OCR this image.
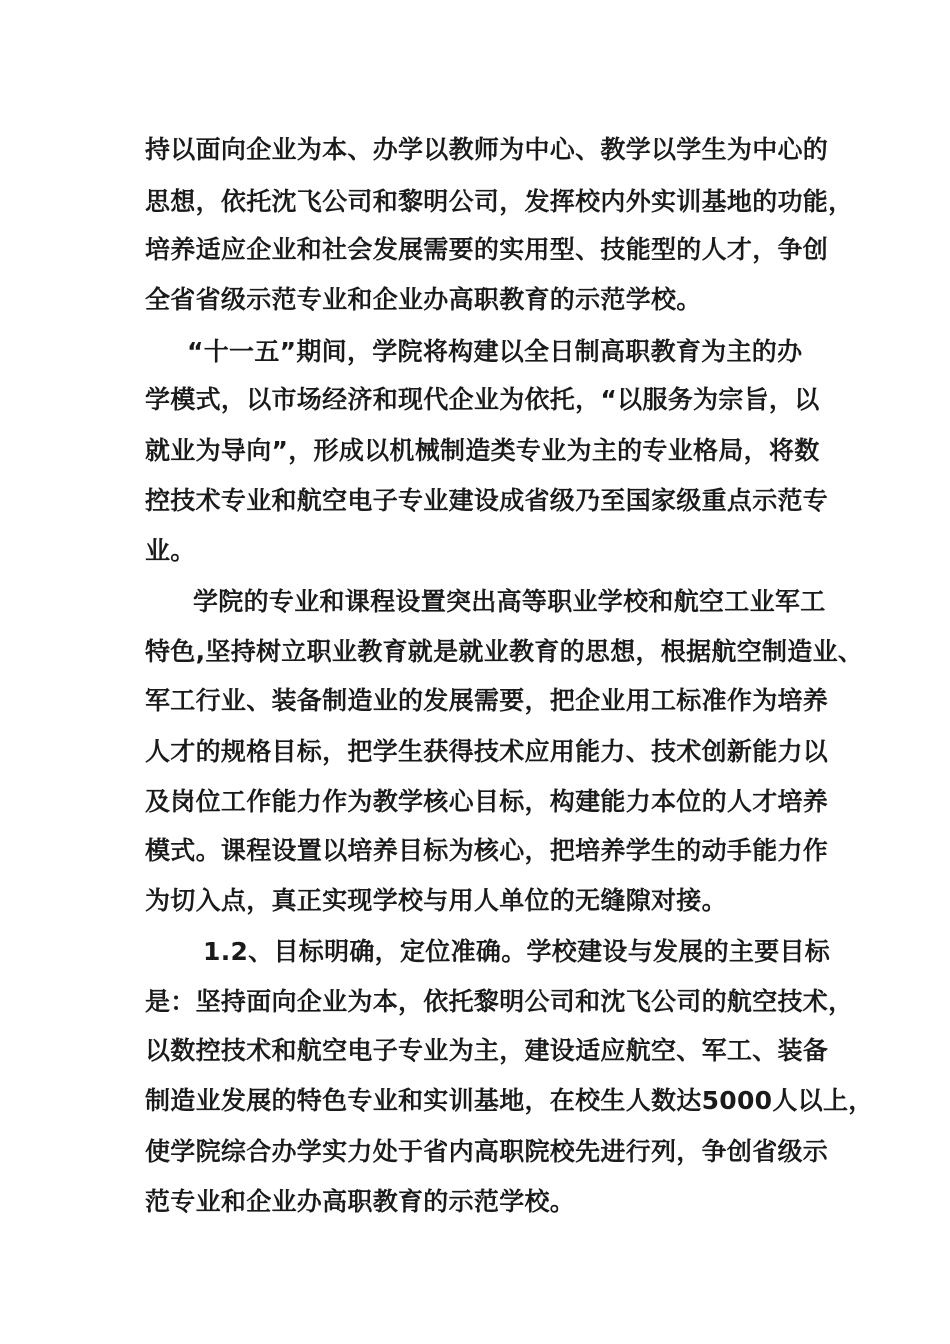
持以面向企业为本、办学以教师为中心、教学以学生为中心的
思想，依托沈飞公司和黎明公司，发挥校内外实训基地的功能，
培养适应企业和社会发展需要的实用型、技能型的人才，争创
全省省级示范专业和企业办高职教育的示范学校。
“十一五”期间，学院将构建以全日制高职教育为主的办
学模式，以市场经济和现代企业为依托，“以服务为宗旨，以
就业为导向”，形成以机械制造类专业为主的专业格局，将数
控技术专业和航空电子专业建设成省级乃至国家级重点示范专
业。
学院的专业和课程设置突出高等职业学校和航空工业军工
特色,坚持树立职业教育就是就业教育的思想，根据航空制造业、
军工行业、装备制造业的发展需要，把企业用工标准作为培养
人才的规格目标，把学生获得技术应用能力、技术创新能力以
及岗位工作能力作为教学核心目标，构建能力本位的人才培养
模式。课程设置以培养目标为核心，把培养学生的动手能力作
为切入点，真正实现学校与用人单位的无缝隙对接。
1.2、目标明确，定位准确。学校建设与发展的主要目标
是：坚持面向企业为本，依托黎明公司和沈飞公司的航空技术，
以数控技术和航空电子专业为主，建设适应航空、军工、装备
制造业发展的特色专业和实训基地，在校生人数达5000人以上，
使学院综合办学实力处于省内高职院校先进行列，争创省级示
范专业和企业办高职教育的示范学校。
